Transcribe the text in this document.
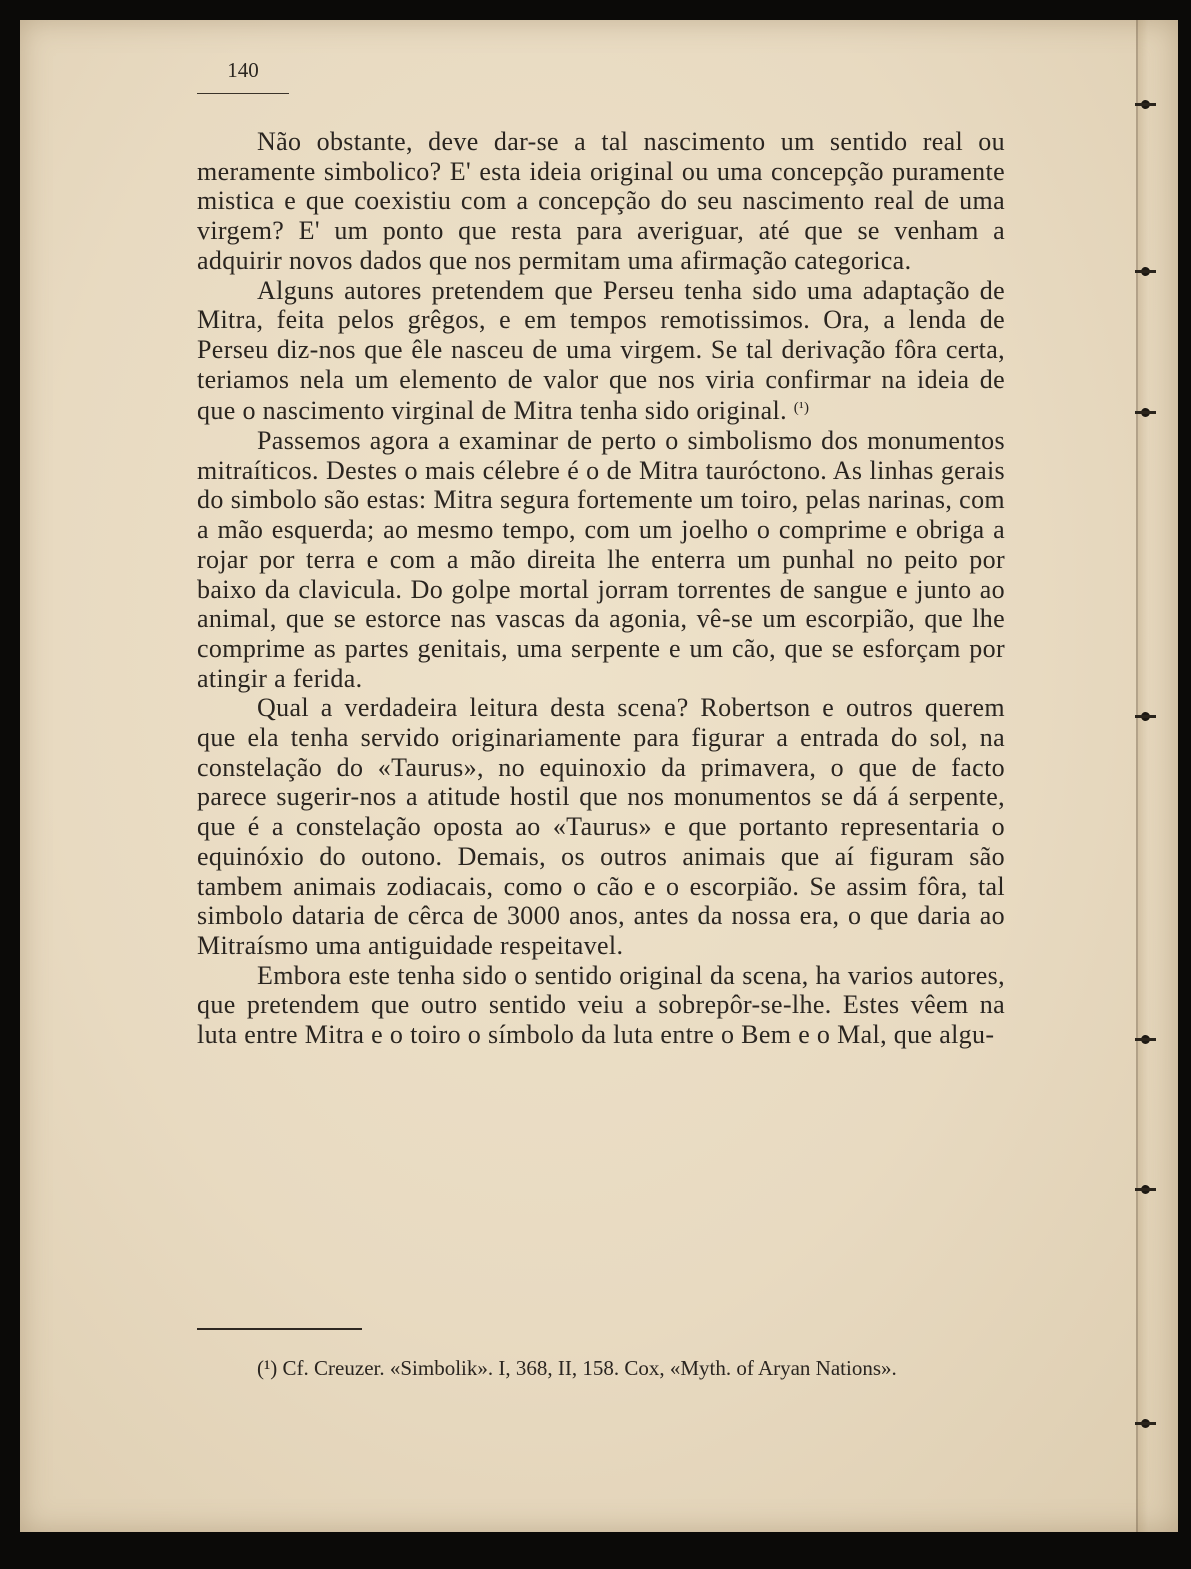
140

Não obstante, deve dar-se a tal nascimento um sentido real ou meramente simbolico? E' esta ideia original ou uma concepção puramente mistica e que coexistiu com a concepção do seu nascimento real de uma virgem? E' um ponto que resta para averiguar, até que se venham a adquirir novos dados que nos permitam uma afirmação categorica.

Alguns autores pretendem que Perseu tenha sido uma adaptação de Mitra, feita pelos grêgos, e em tempos remotissimos. Ora, a lenda de Perseu diz-nos que êle nasceu de uma virgem. Se tal derivação fôra certa, teriamos nela um elemento de valor que nos viria confirmar na ideia de que o nascimento virginal de Mitra tenha sido original. $^{(^1)}$

Passemos agora a examinar de perto o simbolismo dos monumentos mitraíticos. Destes o mais célebre é o de Mitra tauróctono. As linhas gerais do simbolo são estas: Mitra segura fortemente um toiro, pelas narinas, com a mão esquerda; ao mesmo tempo, com um joelho o comprime e obriga a rojar por terra e com a mão direita lhe enterra um punhal no peito por baixo da clavicula. Do golpe mortal jorram torrentes de sangue e junto ao animal, que se estorce nas vascas da agonia, vê-se um escorpião, que lhe comprime as partes genitais, uma serpente e um cão, que se esforçam por atingir a ferida.

Qual a verdadeira leitura desta scena? Robertson e outros querem que ela tenha servido originariamente para figurar a entrada do sol, na constelação do «Taurus», no equinoxio da primavera, o que de facto parece sugerir-nos a atitude hostil que nos monumentos se dá á serpente, que é a constelação oposta ao «Taurus» e que portanto representaria o equinóxio do outono. Demais, os outros animais que aí figuram são tambem animais zodiacais, como o cão e o escorpião. Se assim fôra, tal simbolo dataria de cêrca de 3000 anos, antes da nossa era, o que daria ao Mitraísmo uma antiguidade respeitavel.

Embora este tenha sido o sentido original da scena, ha varios autores, que pretendem que outro sentido veiu a sobrepôr-se-lhe. Estes vêem na luta entre Mitra e o toiro o símbolo da luta entre o Bem e o Mal, que algu-

(¹) Cf. Creuzer. «Simbolik». I, 368, II, 158. Cox, «Myth. of Aryan Nations».
